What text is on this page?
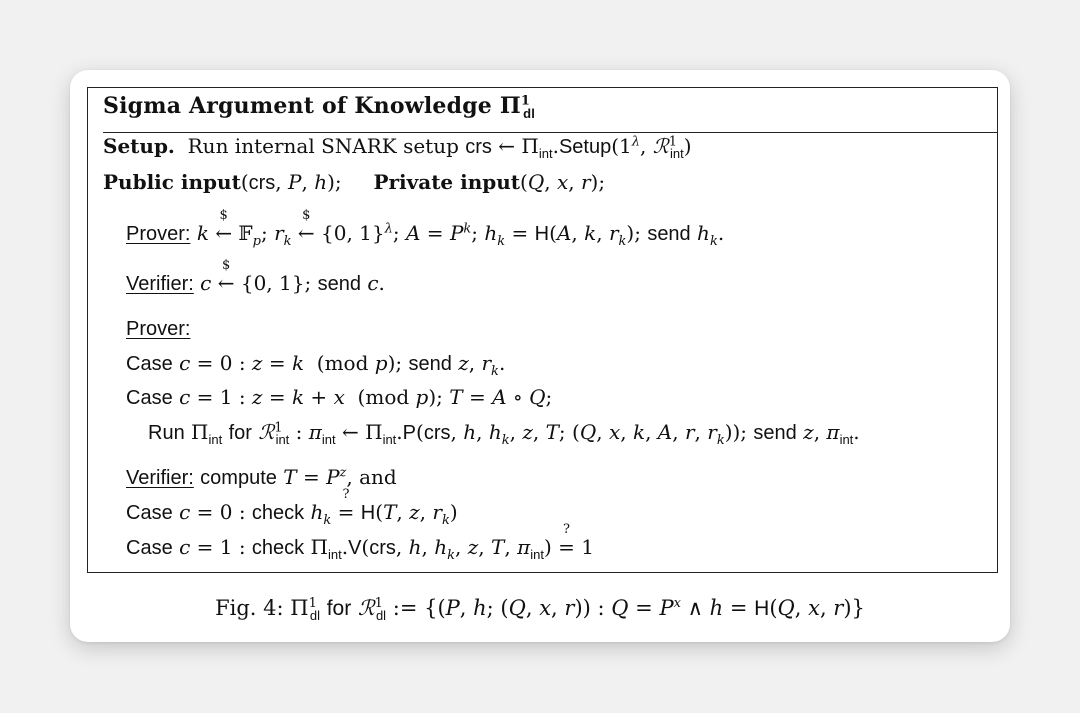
Sigma Argument of Knowledge $\Pi^1_{dl}$
Setup. Run internal SNARK setup crs ← $\Pi_{int}.Setup(1^\lambda$, ℛ$^1_{int}$)
Public input(crs, P, h); Private input(Q, x, r);
Prover: k ←
$
𝔽$_p$; $r_k$ ←
$
{0, 1}$^\lambda$; $A = P^k$; $h_k = H(A$, k, $r_k$); send $h_k$.
Verifier: c ←
$
{0, 1}; send c.
Prover:
Case c = 0 : z = k  (mod p); send z, $r_k$.
Case c = 1 : z = k + x  (mod p); T = A ∘ Q;
Run $\Pi_{int}$ for ℛ$^1_{int}$ : $\pi_{int}$ ← $\Pi_{int}.P(crs$, h, $h_k$, z, T; (Q, x, k, A, r, $r_k$)); send z, $\pi_{int}$.
Verifier: compute $T = P^z$, and
Case c = 0 : check $h_k$ =
?
H(T, z, $r_k$)
Case c = 1 : check $\Pi_{int}.V(crs$, h, $h_k$, z, T, $\pi_{int}$) =
?
1
Fig. 4: $\Pi^1_{dl}$ for ℛ$^1_{dl}$ := {(P, h; (Q, x, r)) : $Q = P^x$ ∧ h = H(Q, x, r)}
